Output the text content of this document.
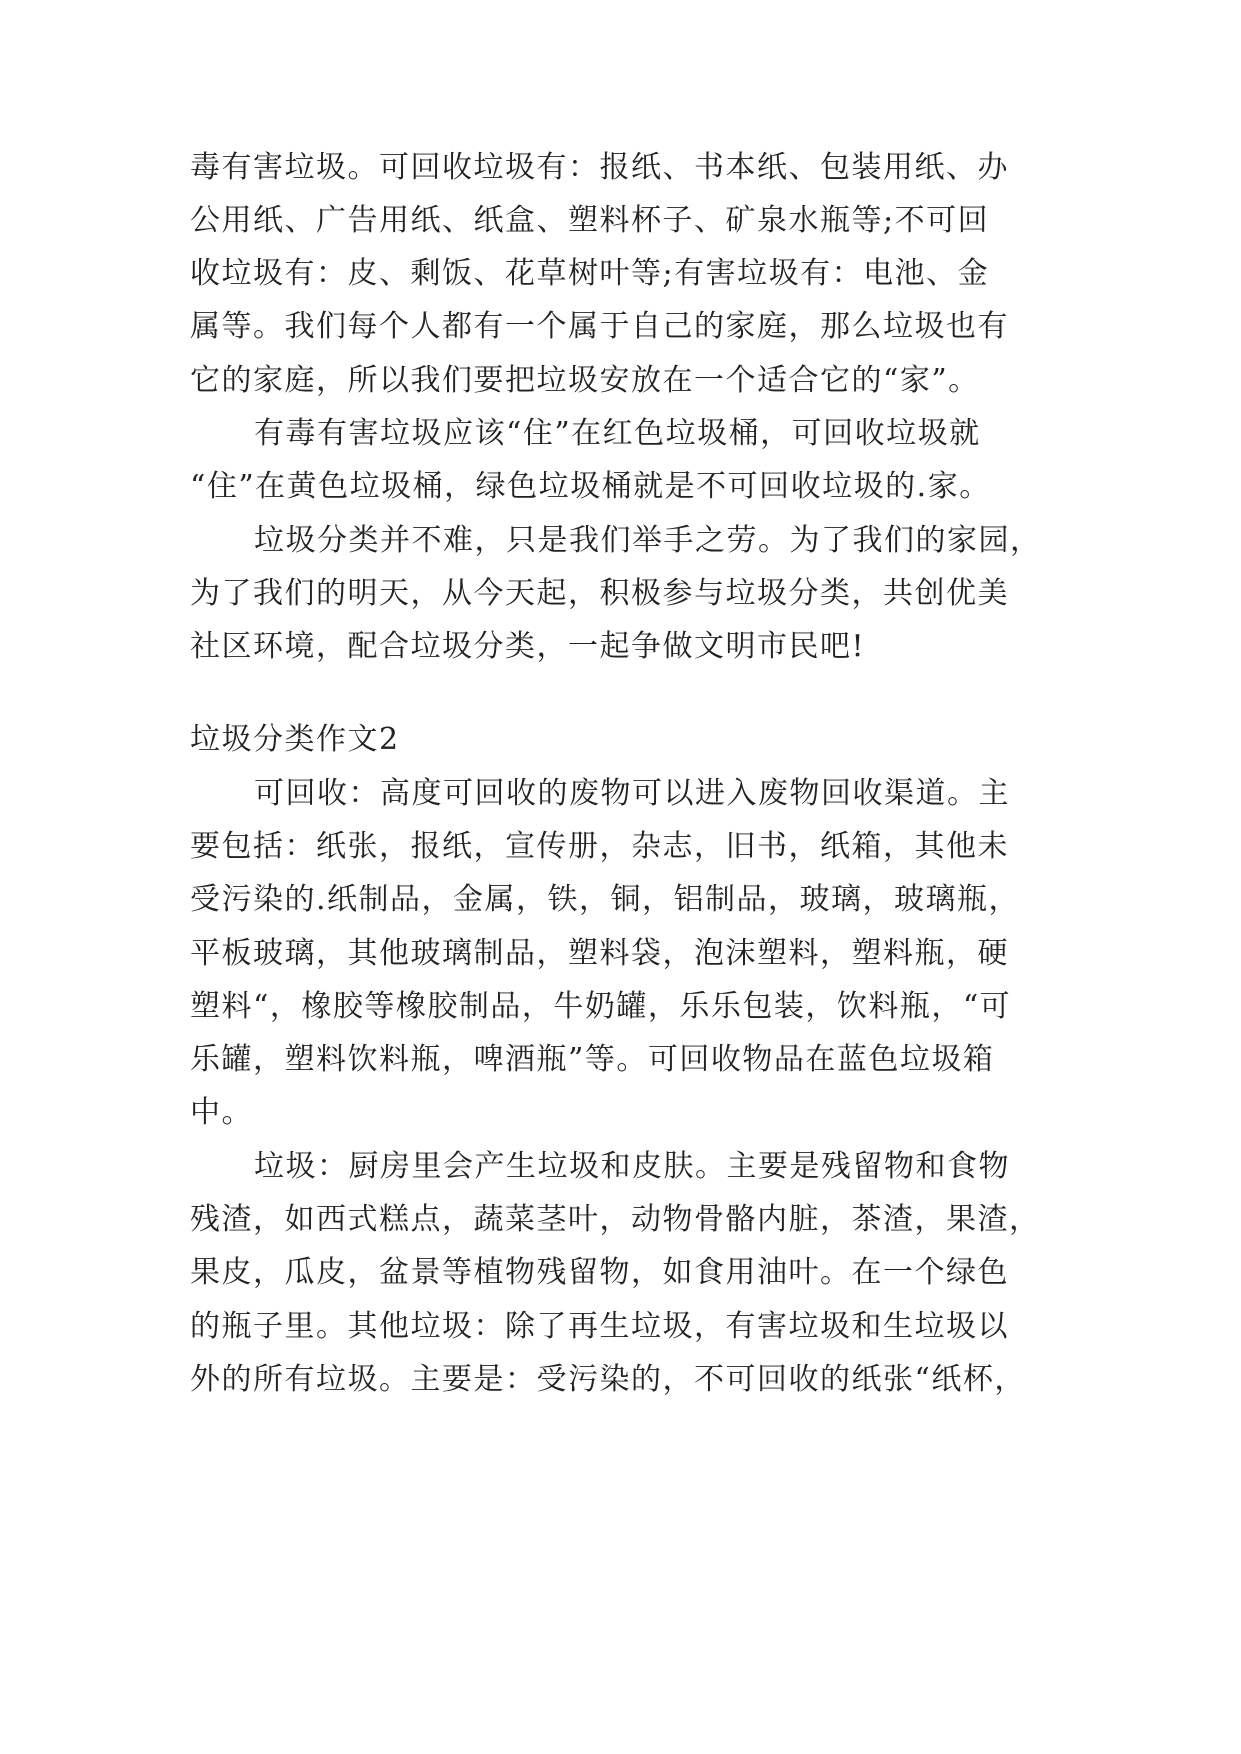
毒有害垃圾。可回收垃圾有：报纸、书本纸、包装用纸、办
公用纸、广告用纸、纸盒、塑料杯子、矿泉水瓶等;不可回
收垃圾有：皮、剩饭、花草树叶等;有害垃圾有：电池、金
属等。我们每个人都有一个属于自己的家庭，那么垃圾也有
它的家庭，所以我们要把垃圾安放在一个适合它的“家”。
有毒有害垃圾应该“住”在红色垃圾桶，可回收垃圾就
“住”在黄色垃圾桶，绿色垃圾桶就是不可回收垃圾的.家。
垃圾分类并不难，只是我们举手之劳。为了我们的家园，
为了我们的明天，从今天起，积极参与垃圾分类，共创优美
社区环境，配合垃圾分类，一起争做文明市民吧!
垃圾分类作文2
可回收：高度可回收的废物可以进入废物回收渠道。主
要包括：纸张，报纸，宣传册，杂志，旧书，纸箱，其他未
受污染的.纸制品，金属，铁，铜，铝制品，玻璃，玻璃瓶，
平板玻璃，其他玻璃制品，塑料袋，泡沫塑料，塑料瓶，硬
塑料“，橡胶等橡胶制品，牛奶罐，乐乐包装，饮料瓶，“可
乐罐，塑料饮料瓶，啤酒瓶”等。可回收物品在蓝色垃圾箱
中。
垃圾：厨房里会产生垃圾和皮肤。主要是残留物和食物
残渣，如西式糕点，蔬菜茎叶，动物骨骼内脏，茶渣，果渣，
果皮，瓜皮，盆景等植物残留物，如食用油叶。在一个绿色
的瓶子里。其他垃圾：除了再生垃圾，有害垃圾和生垃圾以
外的所有垃圾。主要是：受污染的，不可回收的纸张“纸杯，
